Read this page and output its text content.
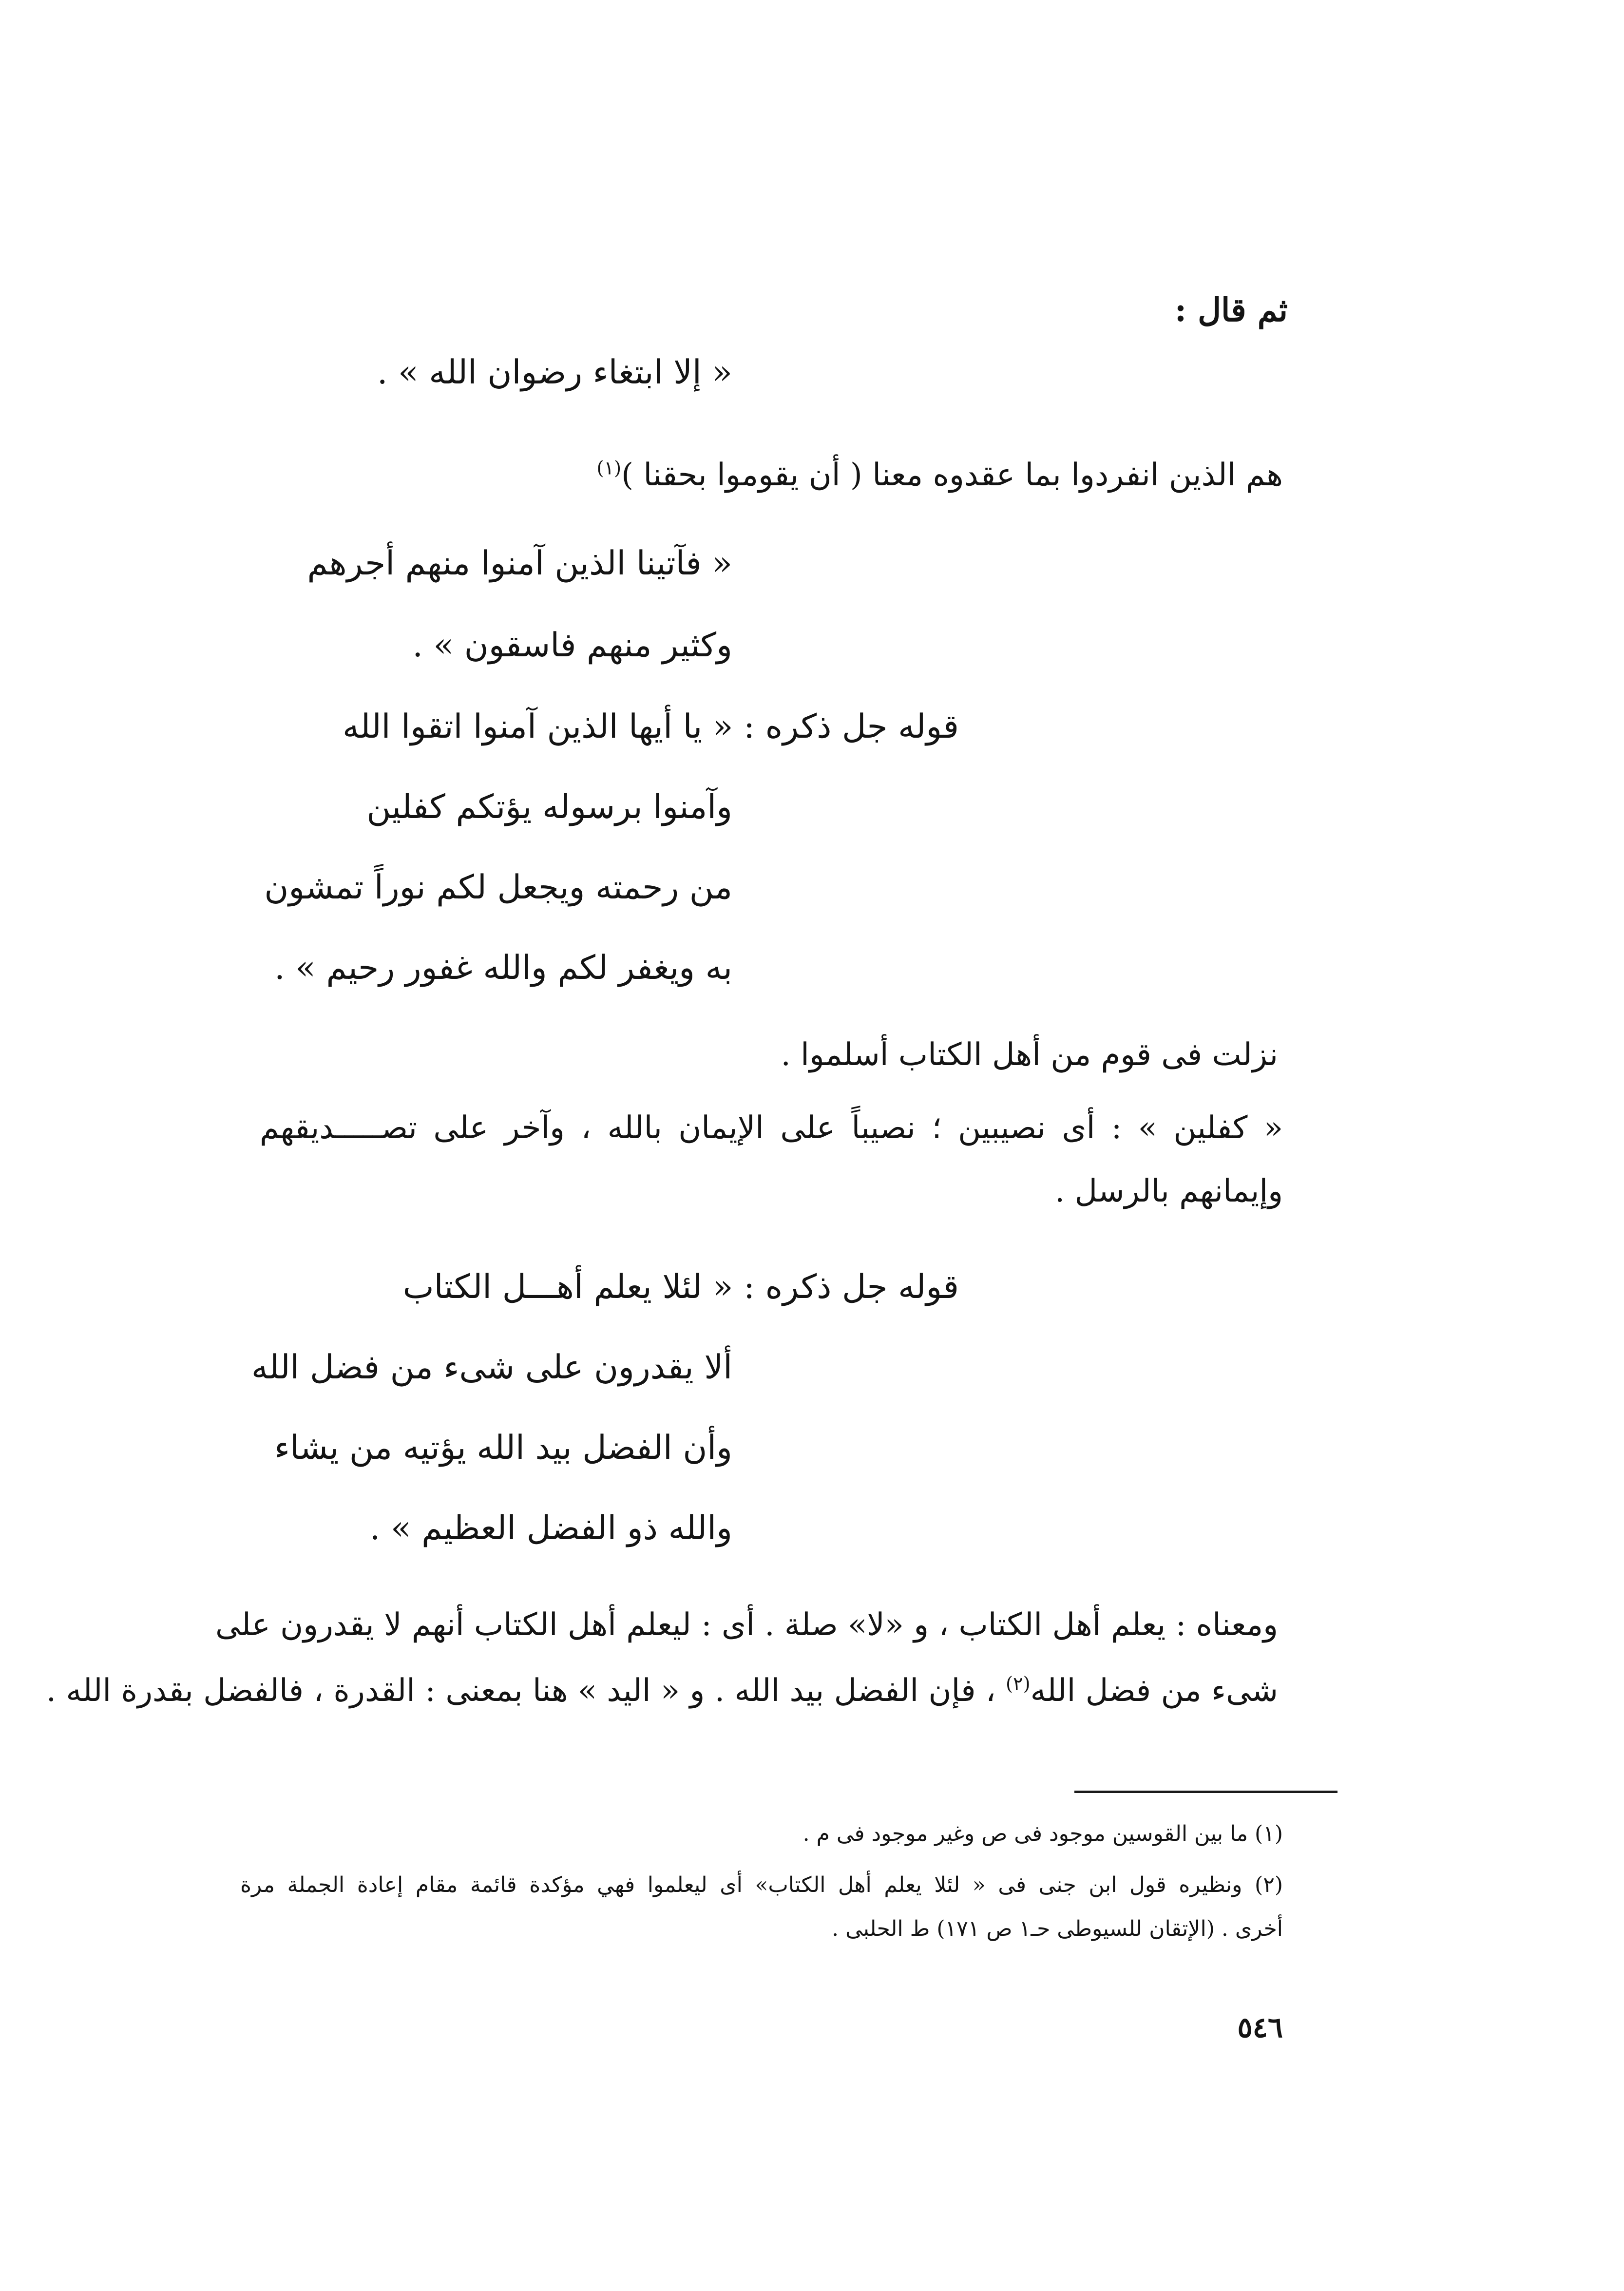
ثم قال :
« إلا ابتغاء رضوان الله » .
هم الذين انفردوا بما عقدوه معنا ( أن يقوموا بحقنا )$^{(١)}$
« فآتينا الذين آمنوا منهم أجرهم
وكثير منهم فاسقون » .
قوله جل ذكره : « يا أيها الذين آمنوا اتقوا الله
وآمنوا برسوله يؤتكم كفلين
من رحمته ويجعل لكم نوراً تمشون
به ويغفر لكم والله غفور رحيم » .
نزلت فى قوم من أهل الكتاب أسلموا .
« كفلين » : أى نصيبين ؛ نصيباً على الإيمان بالله ، وآخر على تصـــــديقهم
وإيمانهم بالرسل .
قوله جل ذكره : « لئلا يعلم أهـــل الكتاب
ألا يقدرون على شىء من فضل الله
وأن الفضل بيد الله يؤتيه من يشاء
والله ذو الفضل العظيم » .
ومعناه : يعلم أهل الكتاب ، و «لا» صلة . أى : ليعلم أهل الكتاب أنهم لا يقدرون على
شىء من فضل الله$^{(٢)}$ ، فإن الفضل بيد الله . و « اليد » هنا بمعنى : القدرة ، فالفضل بقدرة الله .
(١) ما بين القوسين موجود فى ص وغير موجود فى م .
(٢) ونظيره قول ابن جنى فى « لئلا يعلم أهل الكتاب» أى ليعلموا فهي مؤكدة قائمة مقام إعادة الجملة مرة
أخرى . (الإتقان للسيوطى حـ١ ص ١٧١) ط الحلبى .
٥٤٦
